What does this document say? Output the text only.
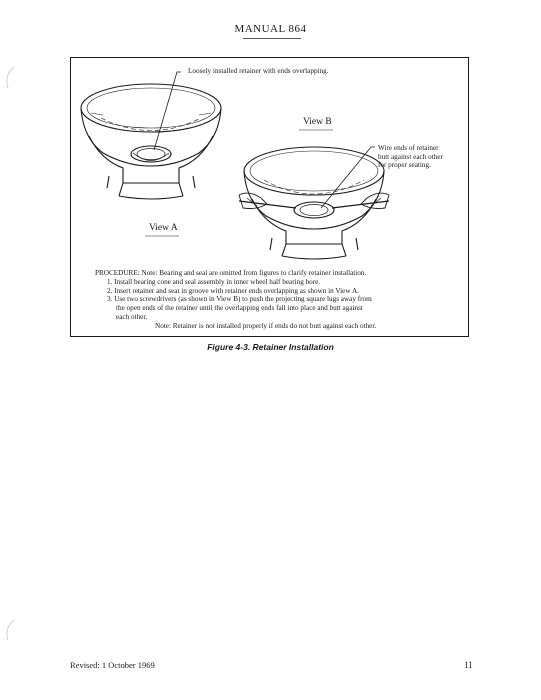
MANUAL 864
Loosely installed retainer with ends overlapping.
Wire ends of retainer
butt against each other
for proper seating.
View B
View A
PROCEDURE: Note: Bearing and seal are omitted from figures to clarify retainer installation.
1. Install bearing cone and seal assembly in inner wheel half bearing bore.
2. Insert retainer and seat in groove with retainer ends overlapping as shown in View A.
3. Use two screwdrivers (as shown in View B) to push the projecting square lugs away from
the open ends of the retainer until the overlapping ends fall into place and butt against
each other.
Note: Retainer is not installed properly if ends do not butt against each other.
Figure 4-3. Retainer Installation
Revised: 1 October 1969	11
